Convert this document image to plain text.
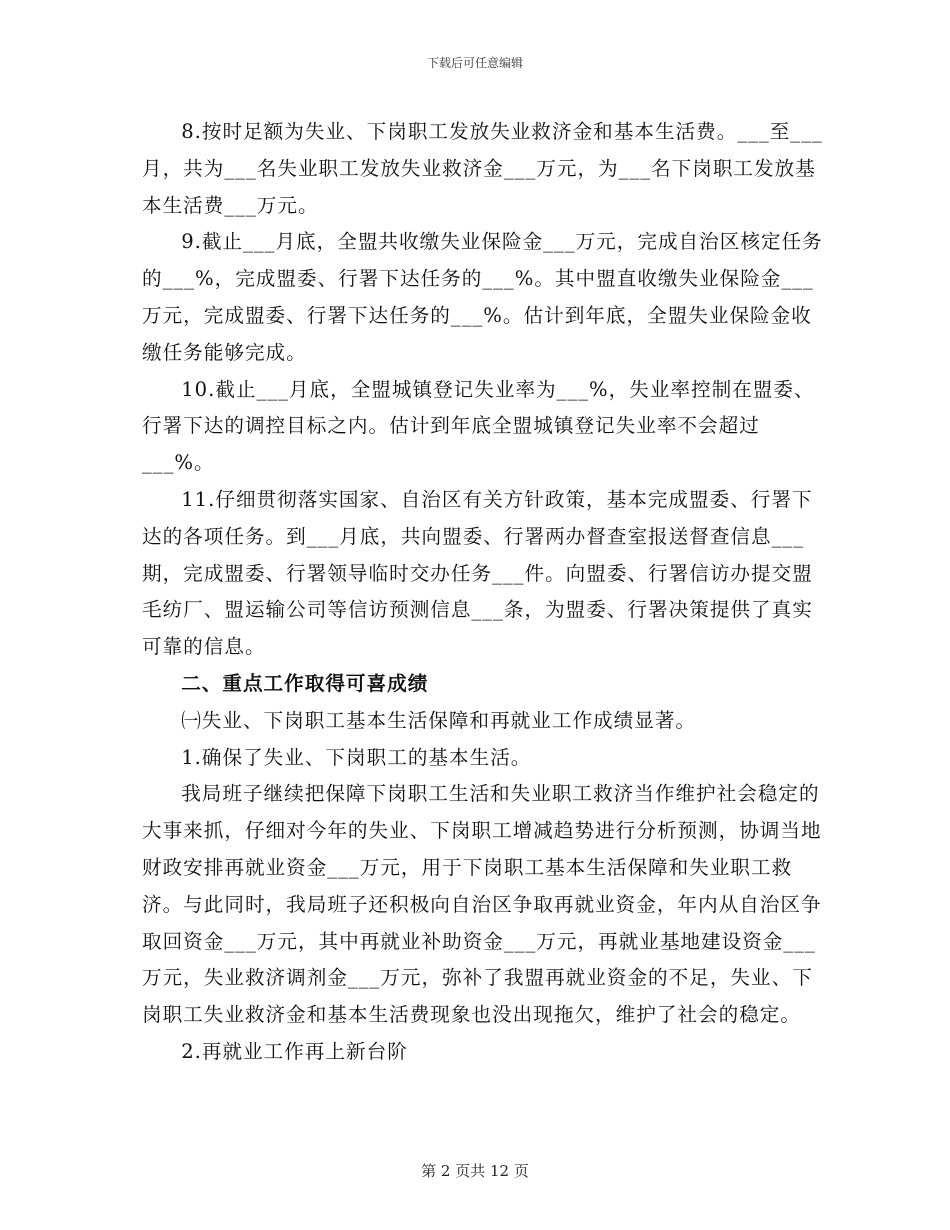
下载后可任意编辑

8.按时足额为失业、下岗职工发放失业救济金和基本生活费。___至___月，共为___名失业职工发放失业救济金___万元，为___名下岗职工发放基本生活费___万元。

9.截止___月底，全盟共收缴失业保险金___万元，完成自治区核定任务的___%，完成盟委、行署下达任务的___%。其中盟直收缴失业保险金___万元，完成盟委、行署下达任务的___%。估计到年底，全盟失业保险金收缴任务能够完成。

10.截止___月底，全盟城镇登记失业率为___%，失业率控制在盟委、行署下达的调控目标之内。估计到年底全盟城镇登记失业率不会超过___%。

11.仔细贯彻落实国家、自治区有关方针政策，基本完成盟委、行署下达的各项任务。到___月底，共向盟委、行署两办督查室报送督查信息___期，完成盟委、行署领导临时交办任务___件。向盟委、行署信访办提交盟毛纺厂、盟运输公司等信访预测信息___条，为盟委、行署决策提供了真实可靠的信息。

二、重点工作取得可喜成绩

㈠失业、下岗职工基本生活保障和再就业工作成绩显著。

1.确保了失业、下岗职工的基本生活。

我局班子继续把保障下岗职工生活和失业职工救济当作维护社会稳定的大事来抓，仔细对今年的失业、下岗职工增减趋势进行分析预测，协调当地财政安排再就业资金___万元，用于下岗职工基本生活保障和失业职工救济。与此同时，我局班子还积极向自治区争取再就业资金，年内从自治区争取回资金___万元，其中再就业补助资金___万元，再就业基地建设资金___万元，失业救济调剂金___万元，弥补了我盟再就业资金的不足，失业、下岗职工失业救济金和基本生活费现象也没出现拖欠，维护了社会的稳定。

2.再就业工作再上新台阶

第 2 页共 12 页
